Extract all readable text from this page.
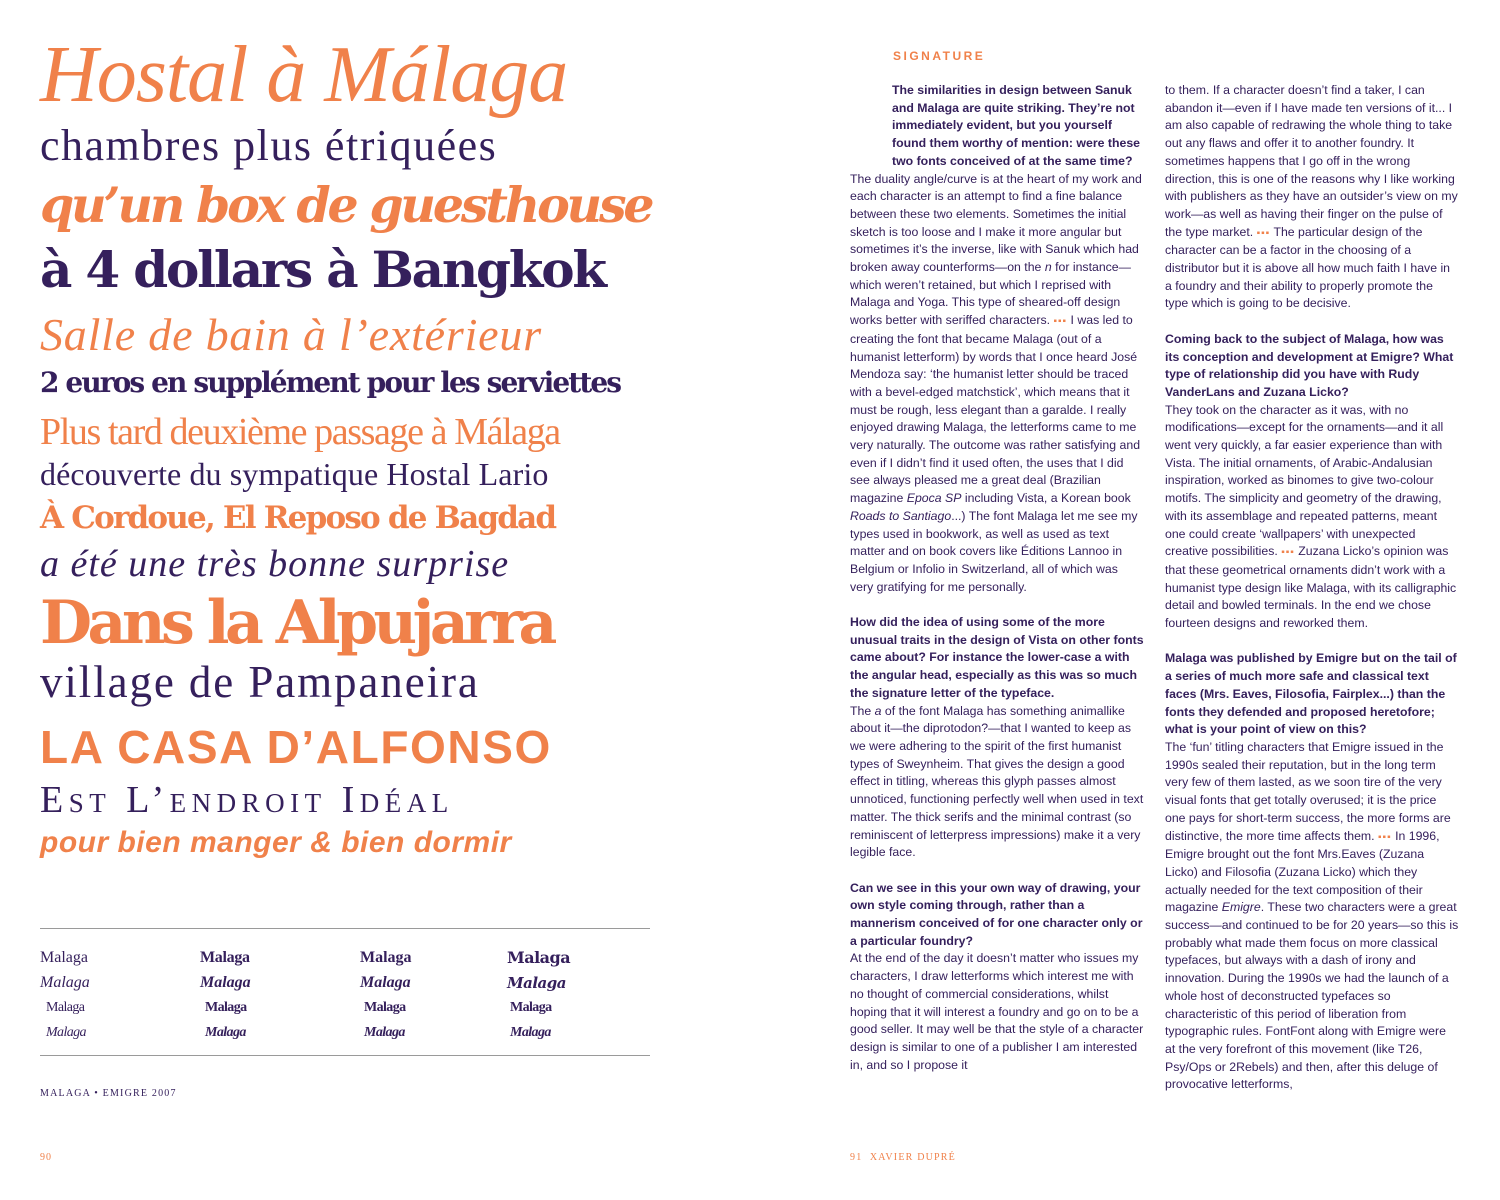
Hostal à Málaga
chambres plus étriquées
qu’un box de guesthouse
à 4 dollars à Bangkok
Salle de bain à l’extérieur
2 euros en supplément pour les serviettes
Plus tard deuxième passage à Málaga
découverte du sympatique Hostal Lario
À Cordoue, El Reposo de Bagdad
a été une très bonne surprise
Dans la Alpujarra
village de Pampaneira
LA CASA D’ALFONSO
Est L’endroit Idéal
pour bien manger & bien dormir
Malaga	Malaga	Malaga	Malaga
Malaga	Malaga	Malaga	Malaga
Malaga	Malaga	Malaga	Malaga
Malaga	Malaga	Malaga	Malaga
MALAGA • EMIGRE 2007
90
SIGNATURE

The similarities in design between Sanuk and Malaga are quite striking. They’re not immediately evident, but you yourself found them worthy of mention: were these two fonts conceived of at the same time?

The duality angle/curve is at the heart of my work and each character is an attempt to find a fine balance between these two elements. Sometimes the initial sketch is too loose and I make it more angular but sometimes it’s the inverse, like with Sanuk which had broken away counterforms—on the n for instance—which weren’t retained, but which I reprised with Malaga and Yoga. This type of sheared-off design works better with seriffed characters. ▪▪▪ I was led to creating the font that became Malaga (out of a humanist letterform) by words that I once heard José Mendoza say: ‘the humanist letter should be traced with a bevel-edged matchstick’, which means that it must be rough, less elegant than a garalde. I really enjoyed drawing Malaga, the letterforms came to me very naturally. The outcome was rather satisfying and even if I didn’t find it used often, the uses that I did see always pleased me a great deal (Brazilian magazine Epoca SP including Vista, a Korean book Roads to Santiago...) The font Malaga let me see my types used in bookwork, as well as used as text matter and on book covers like Éditions Lannoo in Belgium or Infolio in Switzerland, all of which was very gratifying for me personally.

How did the idea of using some of the more unusual traits in the design of Vista on other fonts came about? For instance the lower-case a with the angular head, especially as this was so much the signature letter of the typeface.

The a of the font Malaga has something animallike about it—the diprotodon?—that I wanted to keep as we were adhering to the spirit of the first humanist types of Sweynheim. That gives the design a good effect in titling, whereas this glyph passes almost unnoticed, functioning perfectly well when used in text matter. The thick serifs and the minimal contrast (so reminiscent of letterpress impressions) make it a very legible face.

Can we see in this your own way of drawing, your own style coming through, rather than a mannerism conceived of for one character only or a particular foundry?

At the end of the day it doesn’t matter who issues my characters, I draw letterforms which interest me with no thought of commercial considerations, whilst hoping that it will interest a foundry and go on to be a good seller. It may well be that the style of a character design is similar to one of a publisher I am interested in, and so I propose it

to them. If a character doesn’t find a taker, I can abandon it—even if I have made ten versions of it... I am also capable of redrawing the whole thing to take out any flaws and offer it to another foundry. It sometimes happens that I go off in the wrong direction, this is one of the reasons why I like working with publishers as they have an outsider’s view on my work—as well as having their finger on the pulse of the type market. ▪▪▪ The particular design of the character can be a factor in the choosing of a distributor but it is above all how much faith I have in a foundry and their ability to properly promote the type which is going to be decisive.

Coming back to the subject of Malaga, how was its conception and development at Emigre? What type of relationship did you have with Rudy VanderLans and Zuzana Licko?

They took on the character as it was, with no modifications—except for the ornaments—and it all went very quickly, a far easier experience than with Vista. The initial ornaments, of Arabic-Andalusian inspiration, worked as binomes to give two-colour motifs. The simplicity and geometry of the drawing, with its assemblage and repeated patterns, meant one could create ‘wallpapers’ with unexpected creative possibilities. ▪▪▪ Zuzana Licko’s opinion was that these geometrical ornaments didn’t work with a humanist type design like Malaga, with its calligraphic detail and bowled terminals. In the end we chose fourteen designs and reworked them.

Malaga was published by Emigre but on the tail of a series of much more safe and classical text faces (Mrs. Eaves, Filosofia, Fairplex...) than the fonts they defended and proposed heretofore; what is your point of view on this?

The ‘fun’ titling characters that Emigre issued in the 1990s sealed their reputation, but in the long term very few of them lasted, as we soon tire of the very visual fonts that get totally overused; it is the price one pays for short-term success, the more forms are distinctive, the more time affects them. ▪▪▪ In 1996, Emigre brought out the font Mrs.Eaves (Zuzana Licko) and Filosofia (Zuzana Licko) which they actually needed for the text composition of their magazine Emigre. These two characters were a great success—and continued to be for 20 years—so this is probably what made them focus on more classical typefaces, but always with a dash of irony and innovation. During the 1990s we had the launch of a whole host of deconstructed typefaces so characteristic of this period of liberation from typographic rules. FontFont along with Emigre were at the very forefront of this movement (like T26, Psy/Ops or 2Rebels) and then, after this deluge of provocative letterforms,

91 XAVIER DUPRÉ
